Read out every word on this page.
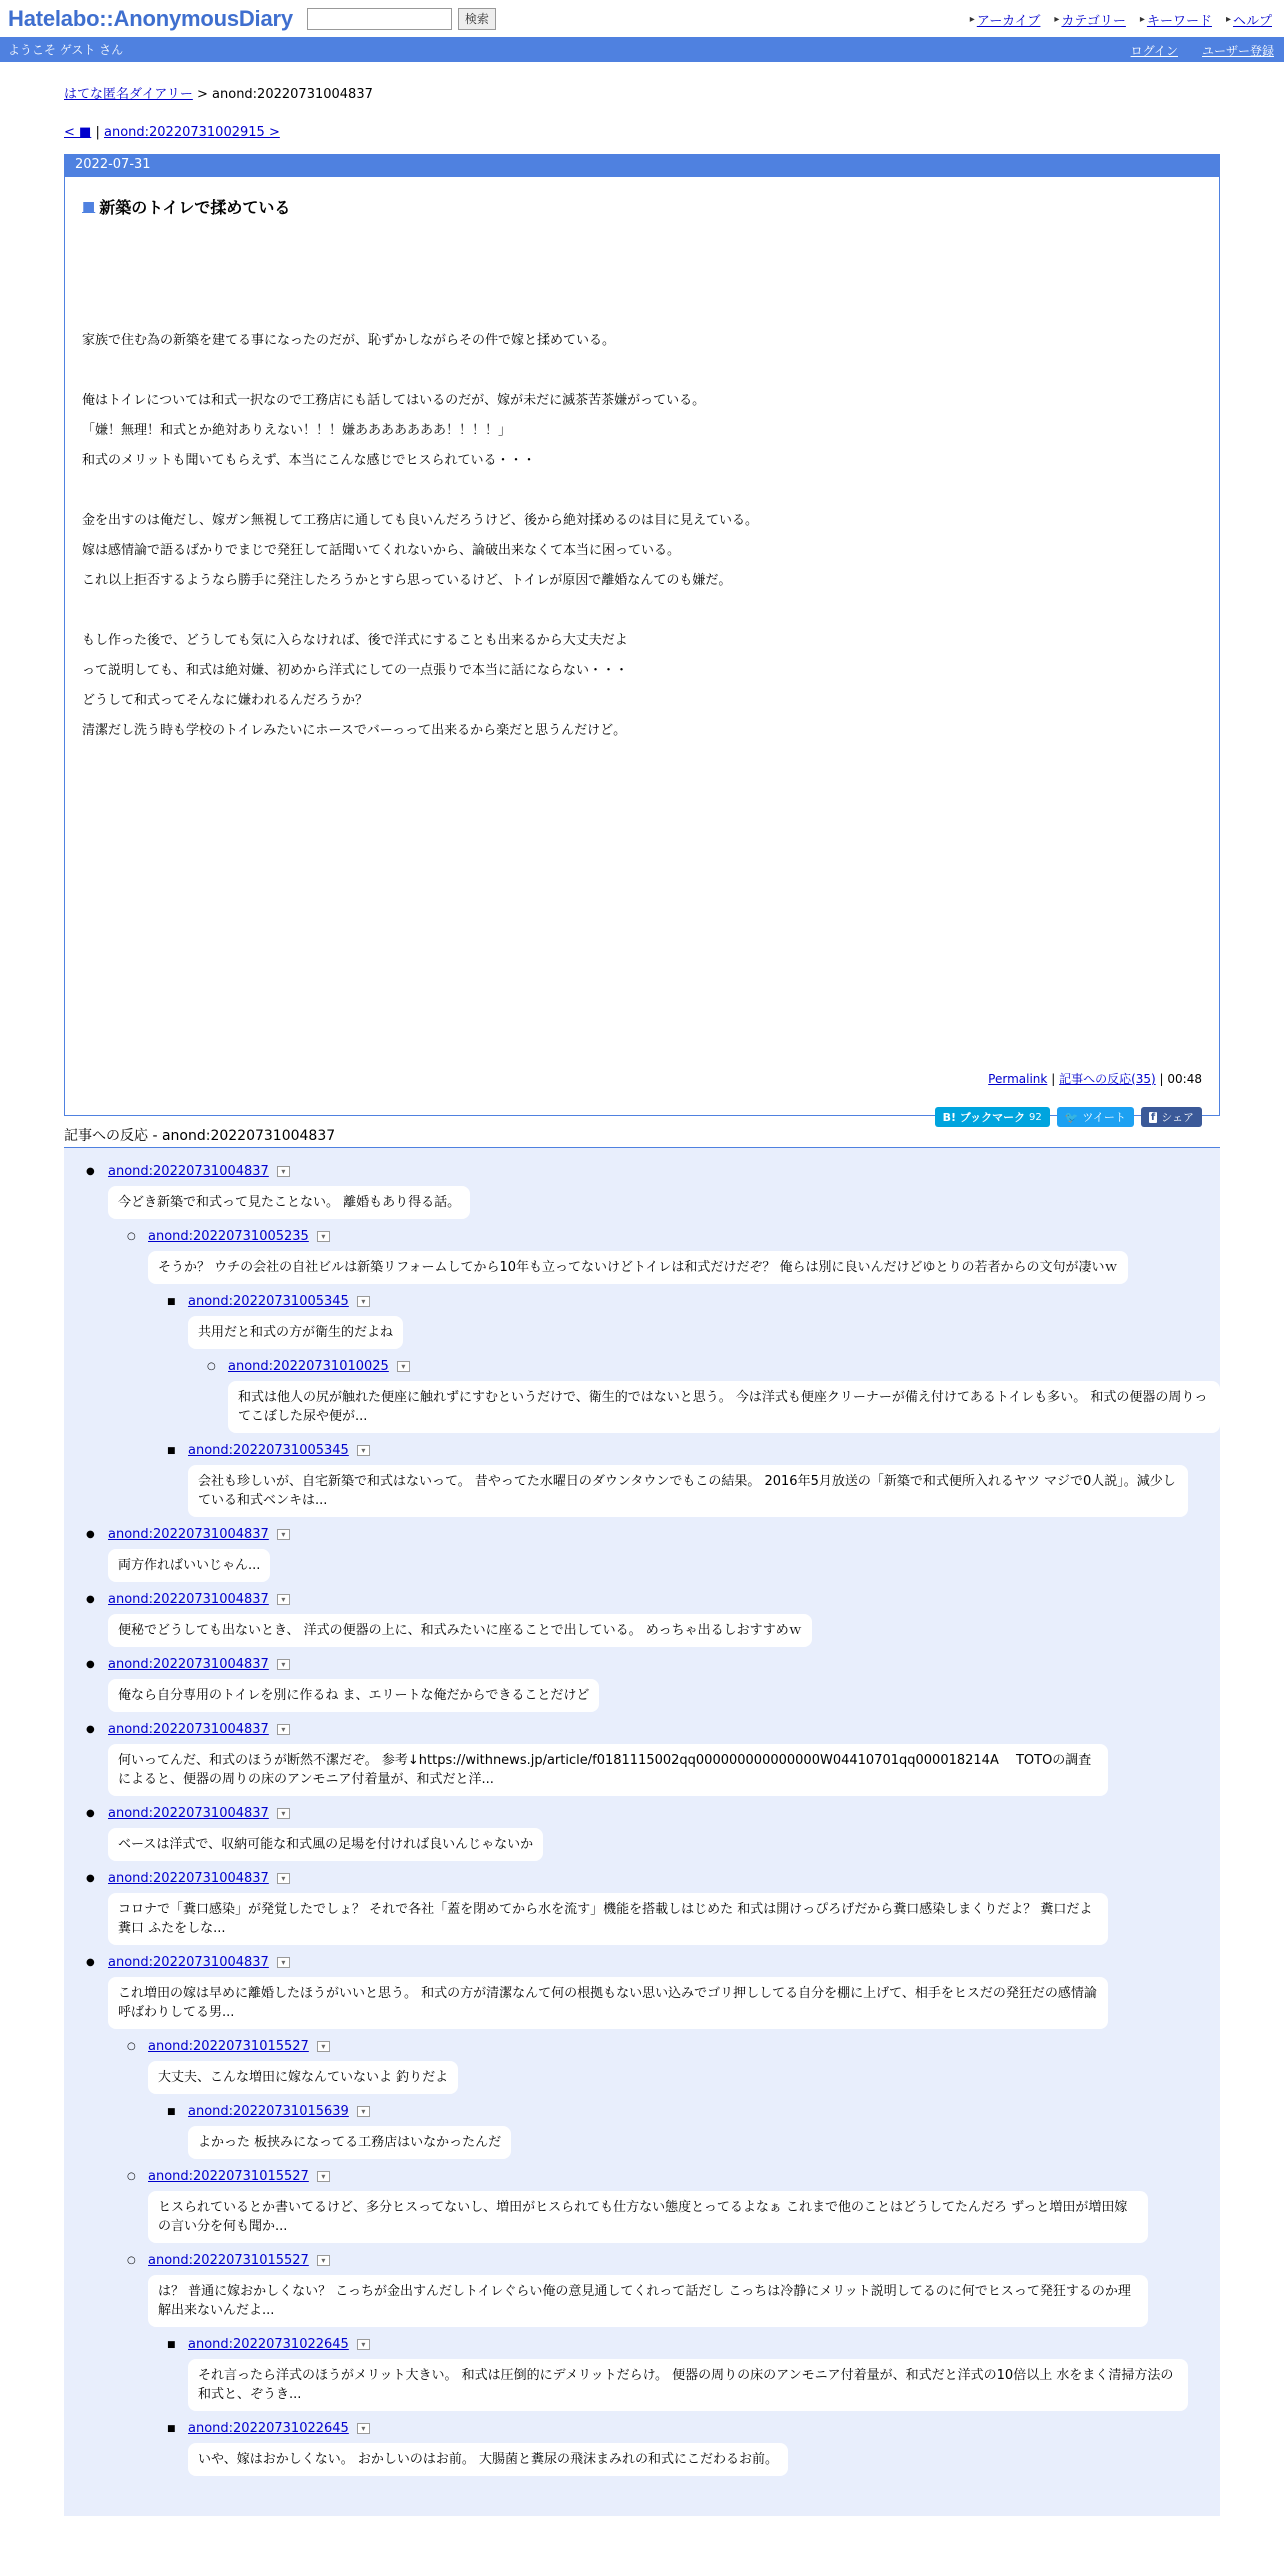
Hatelabo::AnonymousDiary	検索	▸ アーカイブ ▸ カテゴリー ▸ キーワード ▸ ヘルプ
ようこそ ゲスト さん	ログイン ユーザー登録
はてな匿名ダイアリー > anond:20220731004837
< ■ | anond:20220731002915 >
2022-07-31
■ 新築のトイレで揉めている

家族で住む為の新築を建てる事になったのだが、恥ずかしながらその件で嫁と揉めている。

俺はトイレについては和式一択なので工務店にも話してはいるのだが、嫁が未だに滅茶苦茶嫌がっている。
「嫌！無理！和式とか絶対ありえない！！！嫌あああああああ！！！！」
和式のメリットも聞いてもらえず、本当にこんな感じでヒスられている・・・

金を出すのは俺だし、嫁ガン無視して工務店に通しても良いんだろうけど、後から絶対揉めるのは目に見えている。
嫁は感情論で語るばかりでまじで発狂して話聞いてくれないから、論破出来なくて本当に困っている。
これ以上拒否するようなら勝手に発注したろうかとすら思っているけど、トイレが原因で離婚なんてのも嫌だ。

もし作った後で、どうしても気に入らなければ、後で洋式にすることも出来るから大丈夫だよ
って説明しても、和式は絶対嫌、初めから洋式にしての一点張りで本当に話にならない・・・
どうして和式ってそんなに嫌われるんだろうか？
清潔だし洗う時も学校のトイレみたいにホースでバーっって出来るから楽だと思うんだけど。

Permalink | 記事への反応(35) | 00:48
B! ブックマーク
92 🐦 ツイート	f シェア
記事への反応 - anond:20220731004837
●
anond:20220731004837	▾
今どき新築で和式って見たことない。 離婚もあり得る話。
○
anond:20220731005235	▾
そうか？ ウチの会社の自社ビルは新築リフォームしてから10年も立ってないけどトイレは和式だけだぞ？ 俺らは別に良いんだけどゆとりの若者からの文句が凄いｗ
■
anond:20220731005345	▾
共用だと和式の方が衛生的だよね
○
anond:20220731010025	▾
和式は他人の尻が触れた便座に触れずにすむというだけで、衛生的ではないと思う。 今は洋式も便座クリーナーが備え付けてあるトイレも多い。 和式の便器の周りってこぼした尿や便が...
■
anond:20220731005345	▾
会社も珍しいが、自宅新築で和式はないって。 昔やってた水曜日のダウンタウンでもこの結果。 2016年5月放送の「新築で和式便所入れるヤツ マジで0人説」。減少している和式ベンキは...
●
anond:20220731004837	▾
両方作ればいいじゃん...
●
anond:20220731004837	▾
便秘でどうしても出ないとき、 洋式の便器の上に、和式みたいに座ることで出している。 めっちゃ出るしおすすめｗ
●
anond:20220731004837	▾
俺なら自分専用のトイレを別に作るね ま、エリートな俺だからできることだけど
●
anond:20220731004837	▾
何いってんだ、和式のほうが断然不潔だぞ。 参考↓https://withnews.jp/article/f0181115002qq000000000000000W04410701qq000018214A　 TOTOの調査によると、便器の周りの床のアンモニア付着量が、和式だと洋...
●
anond:20220731004837	▾
ベースは洋式で、収納可能な和式風の足場を付ければ良いんじゃないか
●
anond:20220731004837	▾
コロナで「糞口感染」が発覚したでしょ？ それで各社「蓋を閉めてから水を流す」機能を搭載しはじめた 和式は開けっぴろげだから糞口感染しまくりだよ？ 糞口だよ糞口 ふたをしな...
●
anond:20220731004837	▾
これ増田の嫁は早めに離婚したほうがいいと思う。 和式の方が清潔なんて何の根拠もない思い込みでゴリ押ししてる自分を棚に上げて、相手をヒスだの発狂だの感情論呼ばわりしてる男...
○
anond:20220731015527	▾
大丈夫、こんな増田に嫁なんていないよ 釣りだよ
■
anond:20220731015639	▾
よかった 板挟みになってる工務店はいなかったんだ
○
anond:20220731015527	▾
ヒスられているとか書いてるけど、多分ヒスってないし、増田がヒスられても仕方ない態度とってるよなぁ これまで他のことはどうしてたんだろ ずっと増田が増田嫁の言い分を何も聞か...
○
anond:20220731015527	▾
は？ 普通に嫁おかしくない？ こっちが金出すんだしトイレぐらい俺の意見通してくれって話だし こっちは冷静にメリット説明してるのに何でヒスって発狂するのか理解出来ないんだよ...
■
anond:20220731022645	▾
それ言ったら洋式のほうがメリット大きい。 和式は圧倒的にデメリットだらけ。 便器の周りの床のアンモニア付着量が、和式だと洋式の10倍以上 水をまく清掃方法の和式と、ぞうき...
■
anond:20220731022645	▾
いや、嫁はおかしくない。 おかしいのはお前。 大腸菌と糞尿の飛沫まみれの和式にこだわるお前。
